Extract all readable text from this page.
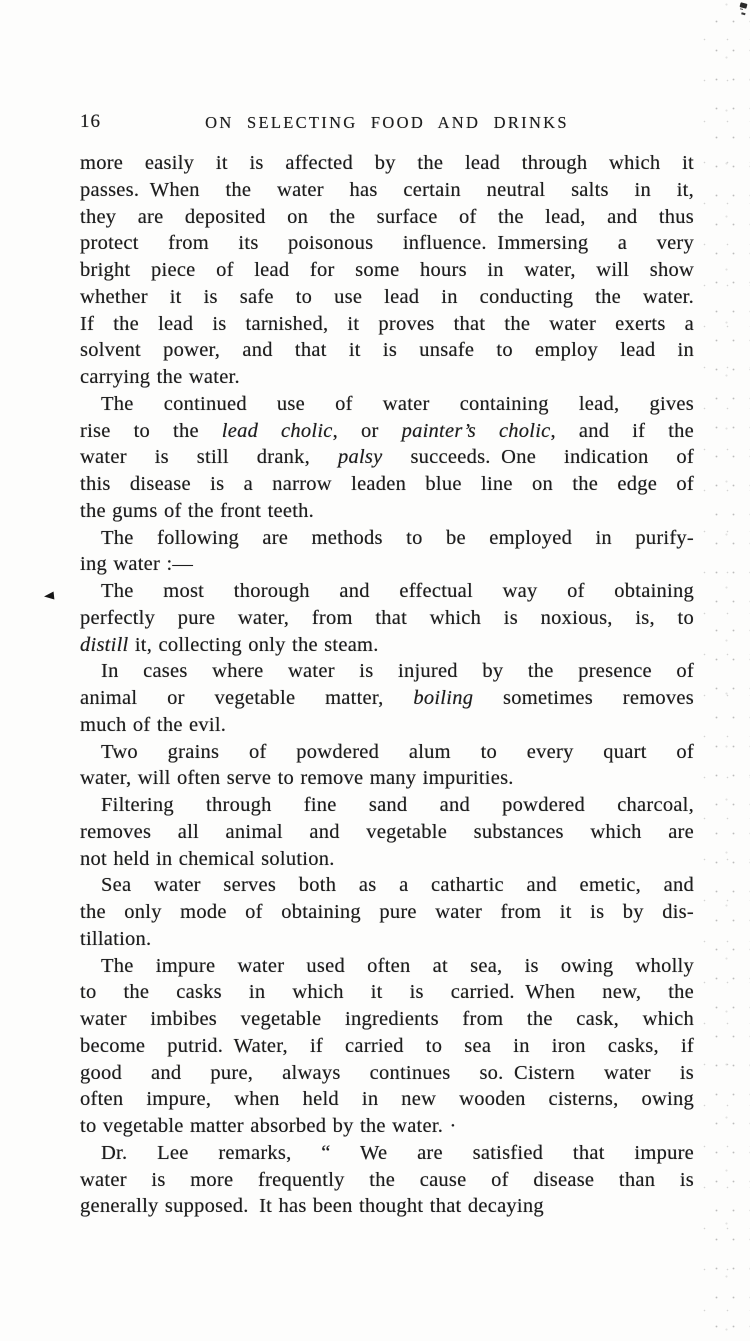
16	ON SELECTING FOOD AND DRINKS
more easily it is affected by the lead through which it
passes. When the water has certain neutral salts in it,
they are deposited on the surface of the lead, and thus
protect from its poisonous influence. Immersing a very
bright piece of lead for some hours in water, will show
whether it is safe to use lead in conducting the water.
If the lead is tarnished, it proves that the water exerts a
solvent power, and that it is unsafe to employ lead in
carrying the water.
The continued use of water containing lead, gives
rise to the lead cholic, or painter’s cholic, and if the
water is still drank, palsy succeeds. One indication of
this disease is a narrow leaden blue line on the edge of
the gums of the front teeth.
The following are methods to be employed in purify-
ing water :—
The most thorough and effectual way of obtaining
perfectly pure water, from that which is noxious, is, to
distill it, collecting only the steam.
In cases where water is injured by the presence of
animal or vegetable matter, boiling sometimes removes
much of the evil.
Two grains of powdered alum to every quart of
water, will often serve to remove many impurities.
Filtering through fine sand and powdered charcoal,
removes all animal and vegetable substances which are
not held in chemical solution.
Sea water serves both as a cathartic and emetic, and
the only mode of obtaining pure water from it is by dis-
tillation.
The impure water used often at sea, is owing wholly
to the casks in which it is carried. When new, the
water imbibes vegetable ingredients from the cask, which
become putrid. Water, if carried to sea in iron casks, if
good and pure, always continues so. Cistern water is
often impure, when held in new wooden cisterns, owing
to vegetable matter absorbed by the water. ·
Dr. Lee remarks, “ We are satisfied that impure
water is more frequently the cause of disease than is
generally supposed. It has been thought that decaying
